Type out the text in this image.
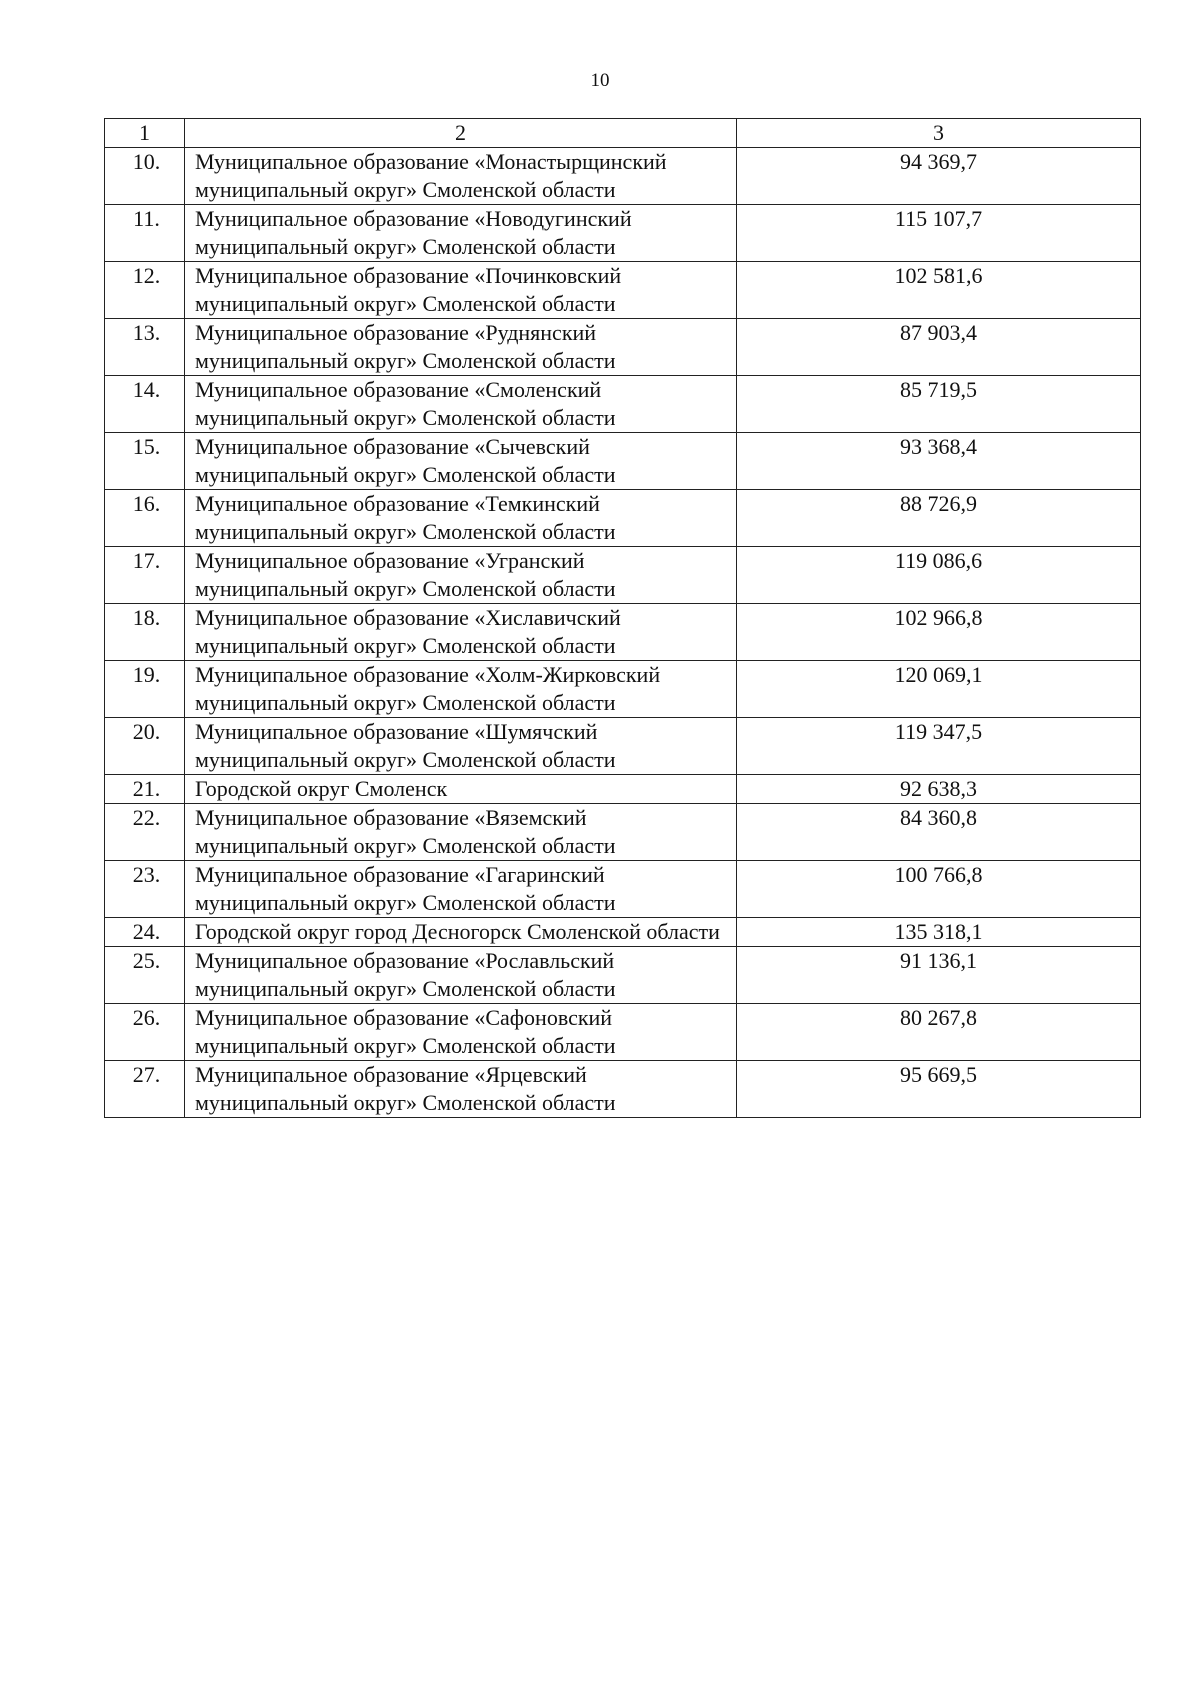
10
1	2	3
10.	Муниципальное образование «Монастырщинский муниципальный округ» Смоленской области	94 369,7
11.	Муниципальное образование «Новодугинский муниципальный округ» Смоленской области	115 107,7
12.	Муниципальное образование «Починковский муниципальный округ» Смоленской области	102 581,6
13.	Муниципальное образование «Руднянский муниципальный округ» Смоленской области	87 903,4
14.	Муниципальное образование «Смоленский муниципальный округ» Смоленской области	85 719,5
15.	Муниципальное образование «Сычевский муниципальный округ» Смоленской области	93 368,4
16.	Муниципальное образование «Темкинский муниципальный округ» Смоленской области	88 726,9
17.	Муниципальное образование «Угранский муниципальный округ» Смоленской области	119 086,6
18.	Муниципальное образование «Хиславичский муниципальный округ» Смоленской области	102 966,8
19.	Муниципальное образование «Холм-Жирковский муниципальный округ» Смоленской области	120 069,1
20.	Муниципальное образование «Шумячский муниципальный округ» Смоленской области	119 347,5
21.	Городской округ Смоленск	92 638,3
22.	Муниципальное образование «Вяземский муниципальный округ» Смоленской области	84 360,8
23.	Муниципальное образование «Гагаринский муниципальный округ» Смоленской области	100 766,8
24.	Городской округ город Десногорск Смоленской области	135 318,1
25.	Муниципальное образование «Рославльский муниципальный округ» Смоленской области	91 136,1
26.	Муниципальное образование «Сафоновский муниципальный округ» Смоленской области	80 267,8
27.	Муниципальное образование «Ярцевский муниципальный округ» Смоленской области	95 669,5
